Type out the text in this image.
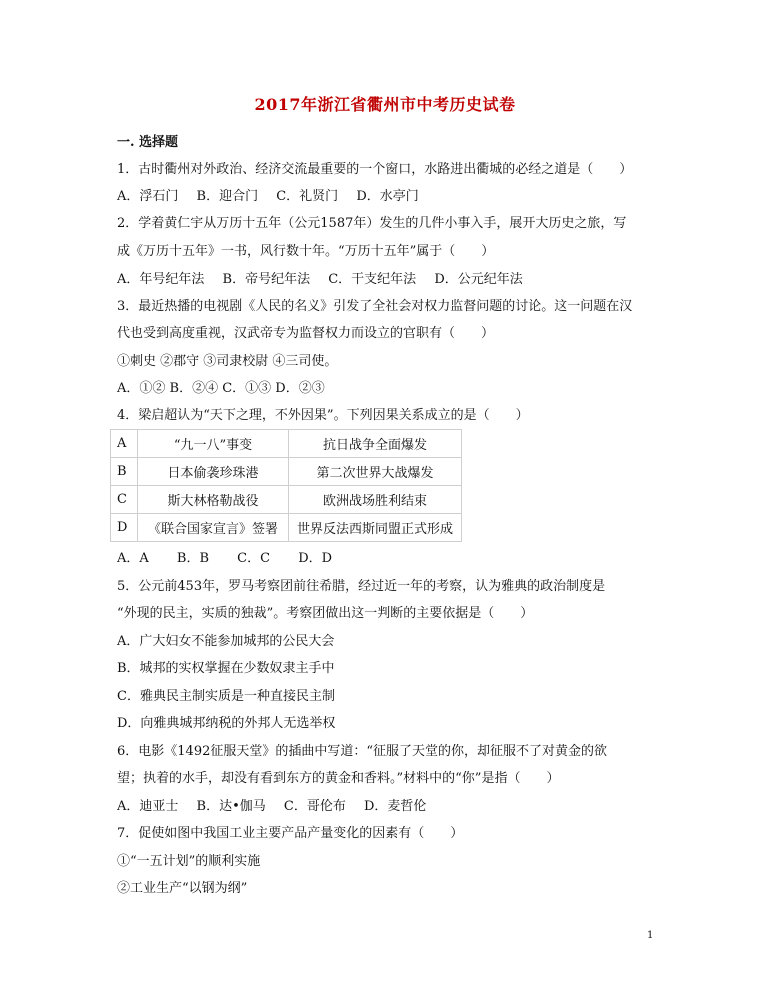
2017年浙江省衢州市中考历史试卷
一. 选择题
1．古时衢州对外政治、经济交流最重要的一个窗口，水路进出衢城的必经之道是（　　）
A．浮石门 B．迎合门 C．礼贤门 D．水亭门
2．学着黄仁宇从万历十五年（公元1587年）发生的几件小事入手，展开大历史之旅，写
成《万历十五年》一书，风行数十年。“万历十五年”属于（　　）
A．年号纪年法 B．帝号纪年法 C．干支纪年法 D．公元纪年法
3．最近热播的电视剧《人民的名义》引发了全社会对权力监督问题的讨论。这一问题在汉
代也受到高度重视，汉武帝专为监督权力而设立的官职有（　　）
①刺史 ②郡守 ③司隶校尉 ④三司使。
A．①② B．②④ C．①③ D．②③
4．梁启超认为“天下之理，不外因果”。下列因果关系成立的是（　　）
A	“九一八”事变	抗日战争全面爆发
B	日本偷袭珍珠港	第二次世界大战爆发
C	斯大林格勒战役	欧洲战场胜利结束
D	《联合国家宣言》签署	世界反法西斯同盟正式形成
A．A B．B C．C D．D
5．公元前453年，罗马考察团前往希腊，经过近一年的考察，认为雅典的政治制度是
“外现的民主，实质的独裁”。考察团做出这一判断的主要依据是（　　）
A．广大妇女不能参加城邦的公民大会
B．城邦的实权掌握在少数奴隶主手中
C．雅典民主制实质是一种直接民主制
D．向雅典城邦纳税的外邦人无选举权
6．电影《1492征服天堂》的插曲中写道：“征服了天堂的你，却征服不了对黄金的欲
望；执着的水手，却没有看到东方的黄金和香料。”材料中的“你”是指（　　）
A．迪亚士 B．达•伽马 C．哥伦布 D．麦哲伦
7．促使如图中我国工业主要产品产量变化的因素有（　　）
①“一五计划”的顺利实施
②工业生产“以钢为纲”
1
